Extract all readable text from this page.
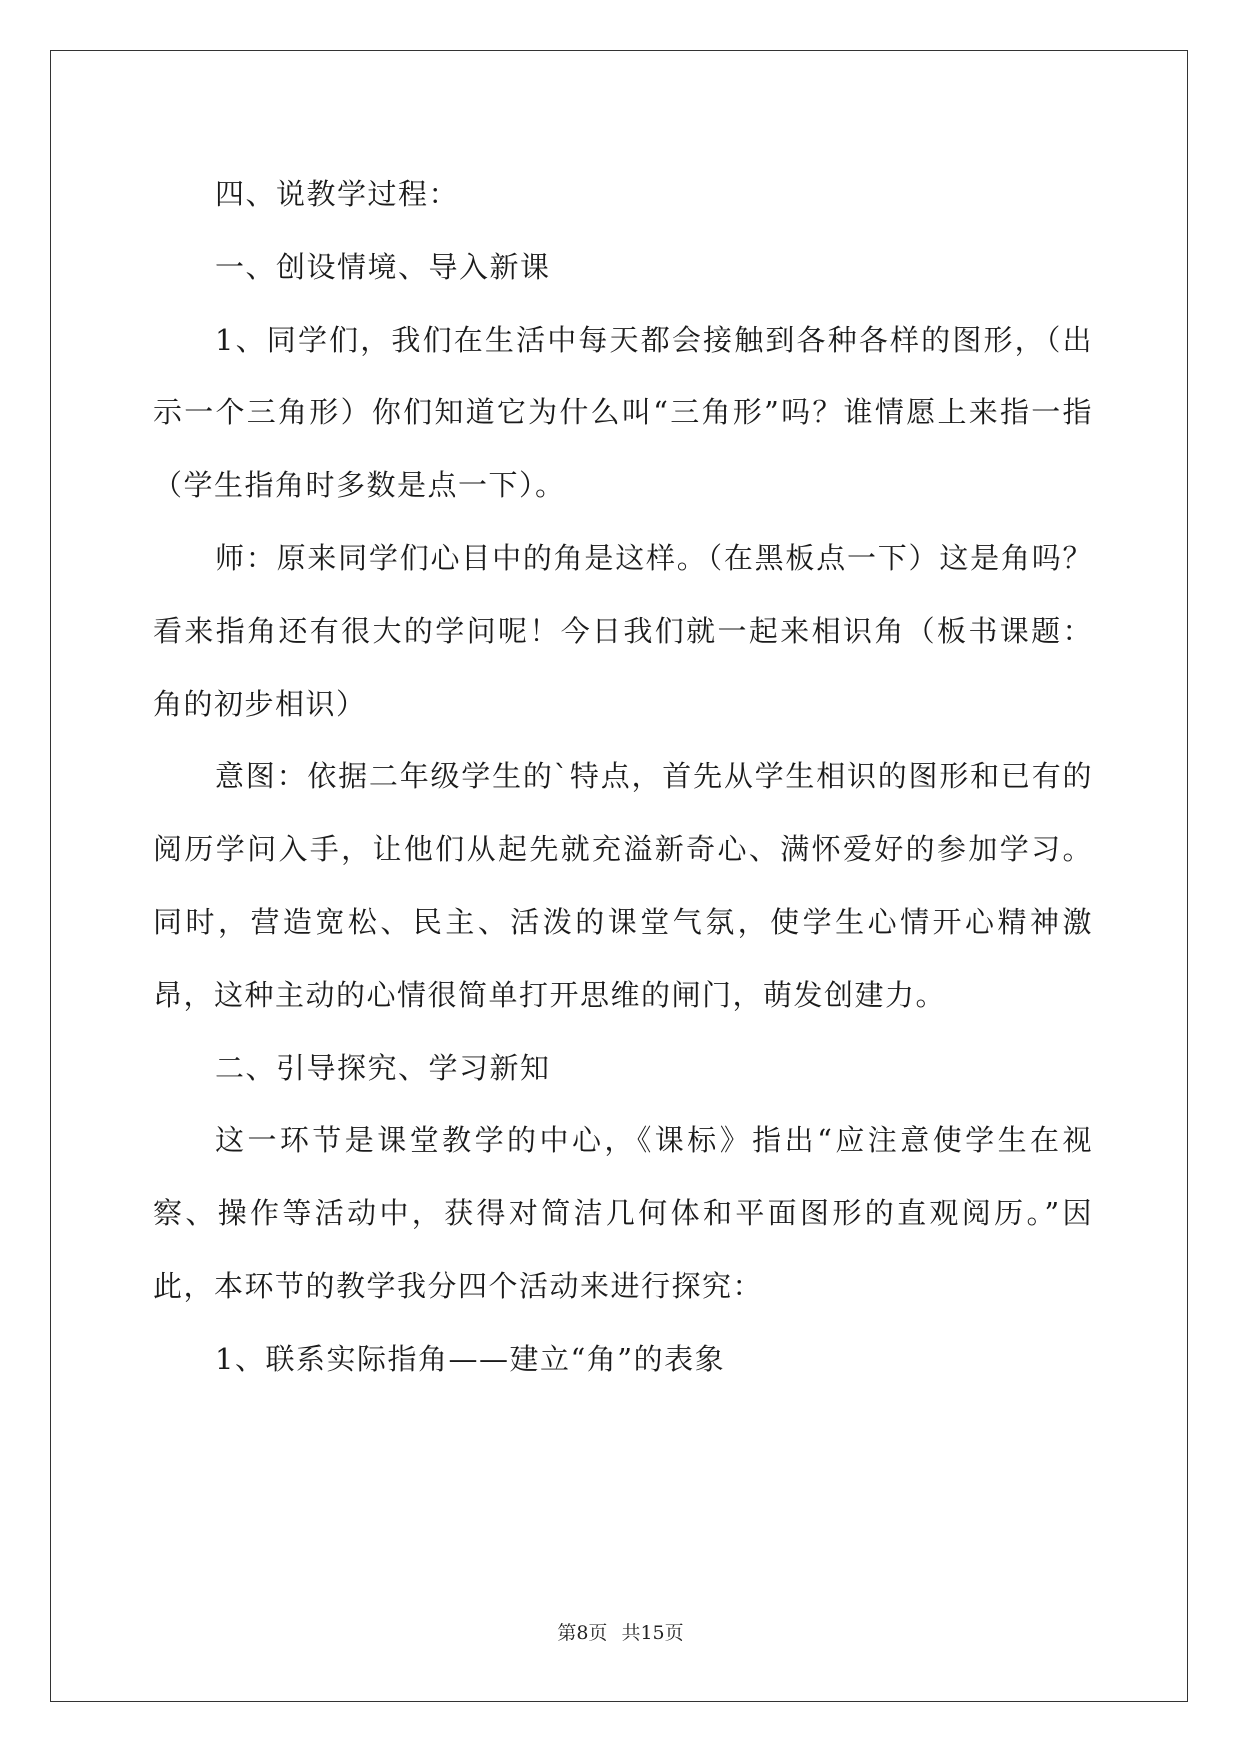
四、说教学过程：

一、创设情境、导入新课

1、同学们，我们在生活中每天都会接触到各种各样的图形，（出示一个三角形）你们知道它为什么叫“三角形”吗？谁情愿上来指一指（学生指角时多数是点一下）。

师：原来同学们心目中的角是这样。（在黑板点一下）这是角吗？看来指角还有很大的学问呢！今日我们就一起来相识角（板书课题：角的初步相识）

意图：依据二年级学生的`特点，首先从学生相识的图形和已有的阅历学问入手，让他们从起先就充溢新奇心、满怀爱好的参加学习。同时，营造宽松、民主、活泼的课堂气氛，使学生心情开心精神激昂，这种主动的心情很简单打开思维的闸门，萌发创建力。

二、引导探究、学习新知

这一环节是课堂教学的中心，《课标》指出“应注意使学生在视察、操作等活动中，获得对简洁几何体和平面图形的直观阅历。”因此，本环节的教学我分四个活动来进行探究：

1、联系实际指角——建立“角”的表象

第8页 共15页
